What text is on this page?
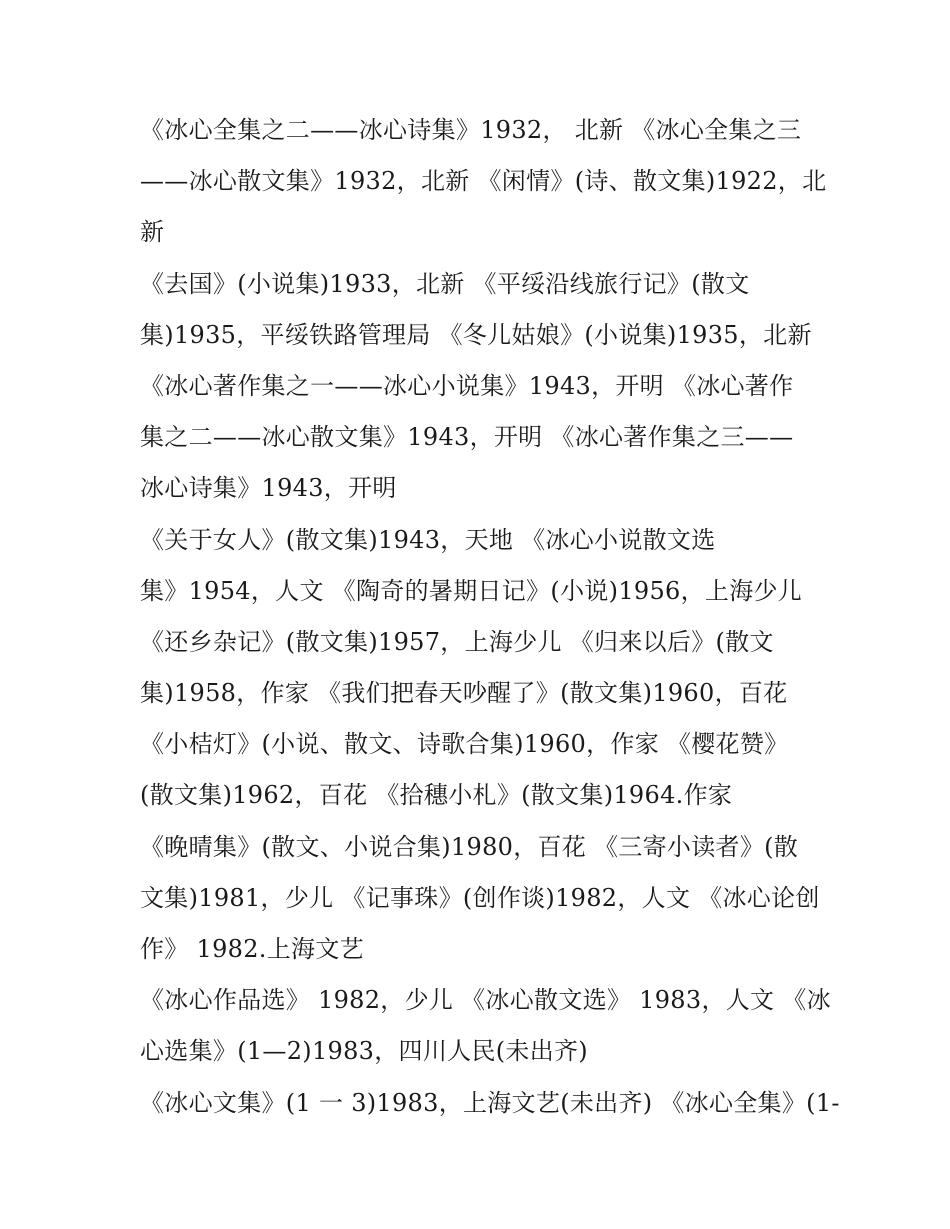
《冰心全集之二——冰心诗集》1932， 北新 《冰心全集之三
——冰心散文集》1932，北新 《闲情》(诗、散文集)1922，北
新
《去国》(小说集)1933，北新 《平绥沿线旅行记》(散文
集)1935，平绥铁路管理局 《冬儿姑娘》(小说集)1935，北新
《冰心著作集之一——冰心小说集》1943，开明 《冰心著作
集之二——冰心散文集》1943，开明 《冰心著作集之三——
冰心诗集》1943，开明
《关于女人》(散文集)1943，天地 《冰心小说散文选
集》1954，人文 《陶奇的暑期日记》(小说)1956，上海少儿
《还乡杂记》(散文集)1957，上海少儿 《归来以后》(散文
集)1958，作家 《我们把春天吵醒了》(散文集)1960，百花
《小桔灯》(小说、散文、诗歌合集)1960，作家 《樱花赞》
(散文集)1962，百花 《拾穗小札》(散文集)1964.作家
《晚晴集》(散文、小说合集)1980，百花 《三寄小读者》(散
文集)1981，少儿 《记事珠》(创作谈)1982，人文 《冰心论创
作》 1982.上海文艺
《冰心作品选》 1982，少儿 《冰心散文选》 1983，人文 《冰
心选集》(1—2)1983，四川人民(未出齐)
《冰心文集》(1 一 3)1983，上海文艺(未出齐) 《冰心全集》(1-
